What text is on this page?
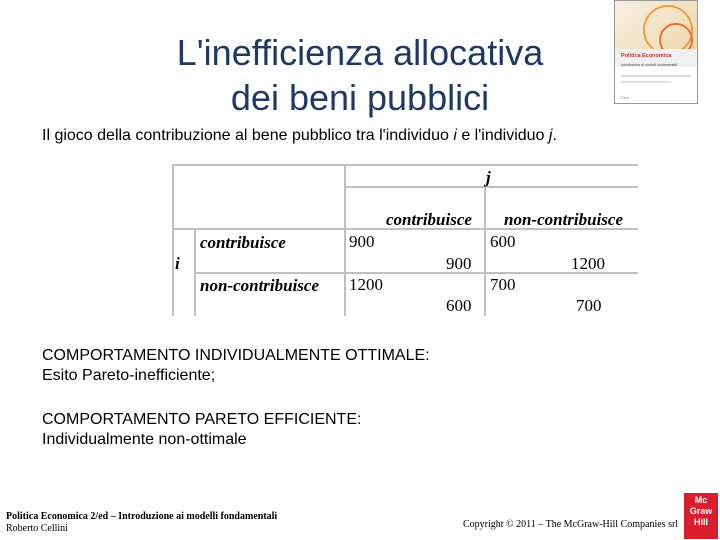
L'inefficienza allocativa
dei beni pubblici
Politica Economica
Introduzione ai modelli fondamentali
2/ed
Il gioco della contribuzione al bene pubblico tra l'individuo i e l'individuo j.
j
i
contribuisce non-contribuisce
contribuisce
non-contribuisce
900
900
600
1200
1200
600
700
700
COMPORTAMENTO INDIVIDUALMENTE OTTIMALE:
Esito Pareto-inefficiente;
COMPORTAMENTO PARETO EFFICIENTE:
Individualmente non-ottimale
Politica Economica 2/ed – Introduzione ai modelli fondamentali
Roberto Cellini	Copyright © 2011 – The McGraw-Hill Companies srl
Mc Graw Hill
